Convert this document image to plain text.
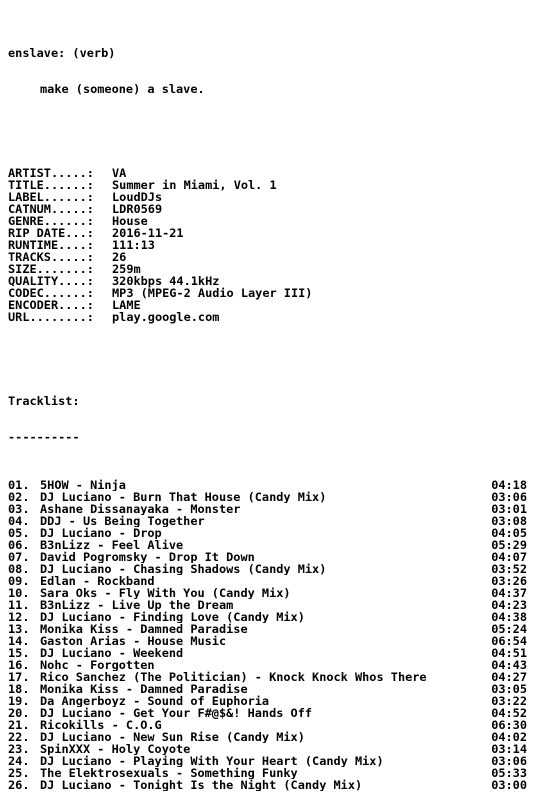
enslave: (verb)

make (someone) a slave.

ARTIST.....:	VA
TITLE......:	Summer in Miami, Vol. 1
LABEL......:	LoudDJs
CATNUM.....:	LDR0569
GENRE......:	House
RIP DATE...:	2016-11-21
RUNTIME....:	111:13
TRACKS.....:	26
SIZE.......:	259m
QUALITY....:	320kbps 44.1kHz
CODEC......:	MP3 (MPEG-2 Audio Layer III)
ENCODER....:	LAME
URL........:	play.google.com

Tracklist:

----------

01. 5HOW - Ninja	04:18
02. DJ Luciano - Burn That House (Candy Mix)	03:06
03. Ashane Dissanayaka - Monster	03:01
04. DDJ - Us Being Together	03:08
05. DJ Luciano - Drop	04:05
06. B3nLizz - Feel Alive	05:29
07. David Pogromsky - Drop It Down	04:07
08. DJ Luciano - Chasing Shadows (Candy Mix)	03:52
09. Edlan - Rockband	03:26
10. Sara Oks - Fly With You (Candy Mix)	04:37
11. B3nLizz - Live Up the Dream	04:23
12. DJ Luciano - Finding Love (Candy Mix)	04:38
13. Monika Kiss - Damned Paradise	05:24
14. Gaston Arias - House Music	06:54
15. DJ Luciano - Weekend	04:51
16. Nohc - Forgotten	04:43
17. Rico Sanchez (The Politician) - Knock Knock Whos There	04:27
18. Monika Kiss - Damned Paradise	03:05
19. Da Angerboyz - Sound of Euphoria	03:22
20. DJ Luciano - Get Your F#@$&! Hands Off	04:52
21. Ricokills - C.O.G	06:30
22. DJ Luciano - New Sun Rise (Candy Mix)	04:02
23. SpinXXX - Holy Coyote	03:14
24. DJ Luciano - Playing With Your Heart (Candy Mix)	03:06
25. The Elektrosexuals - Something Funky	05:33
26. DJ Luciano - Tonight Is the Night (Candy Mix)	03:00
